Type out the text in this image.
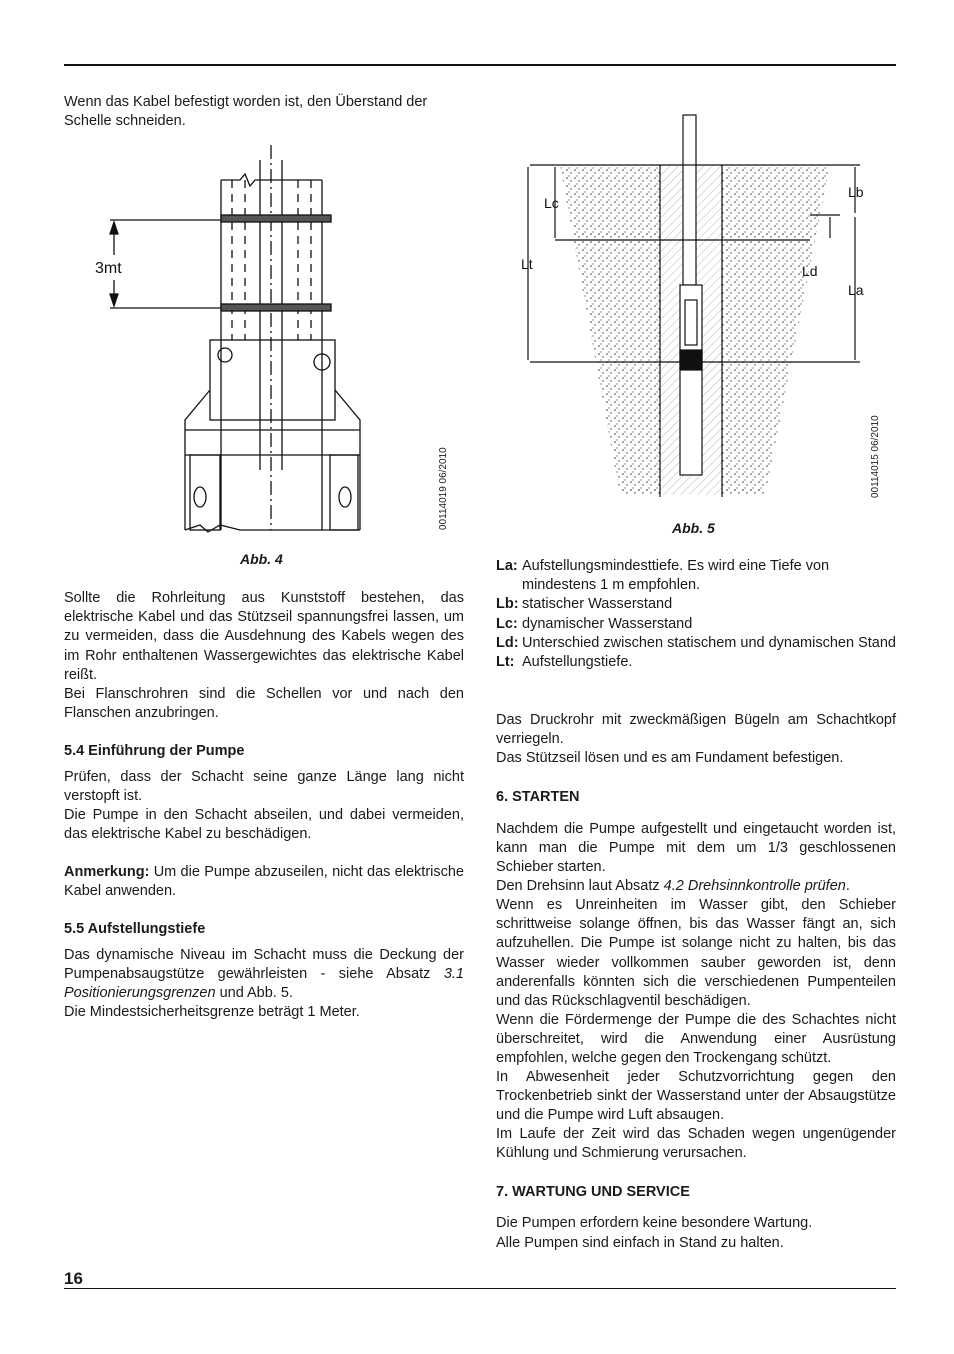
Wenn das Kabel befestigt worden ist, den Überstand der Schelle schneiden.
3mt
00114019 06/2010
Abb. 4
Sollte die Rohrleitung aus Kunststoff bestehen, das elektrische Kabel und das Stützseil spannungsfrei lassen, um zu vermeiden, dass die Ausdehnung des Kabels wegen des im Rohr enthaltenen Wassergewichtes das elektrische Kabel reißt.
Bei Flanschrohren sind die Schellen vor und nach den Flanschen anzubringen.
5.4 Einführung der Pumpe
Prüfen, dass der Schacht seine ganze Länge lang nicht verstopft ist.
Die Pumpe in den Schacht abseilen, und dabei vermeiden, das elektrische Kabel zu beschädigen.
Anmerkung: Um die Pumpe abzuseilen, nicht das elektrische Kabel anwenden.
5.5 Aufstellungstiefe
Das dynamische Niveau im Schacht muss die Deckung der Pumpenabsaugstütze gewährleisten - siehe Absatz 3.1 Positionierungsgrenzen und Abb. 5.
Die Mindestsicherheitsgrenze beträgt 1 Meter.
Lc
Lt
Lb
Ld
La
00114015 06/2010
Abb. 5
La: Aufstellungsmindesttiefe. Es wird eine Tiefe von mindestens 1 m empfohlen.
Lb: statischer Wasserstand
Lc: dynamischer Wasserstand
Ld: Unterschied zwischen statischem und dynamischen Stand
Lt: Aufstellungstiefe.
Das Druckrohr mit zweckmäßigen Bügeln am Schachtkopf verriegeln.
Das Stützseil lösen und es am Fundament befestigen.
6. STARTEN
Nachdem die Pumpe aufgestellt und eingetaucht worden ist, kann man die Pumpe mit dem um 1/3 geschlossenen Schieber starten.
Den Drehsinn laut Absatz 4.2 Drehsinnkontrolle prüfen.
Wenn es Unreinheiten im Wasser gibt, den Schieber schrittweise solange öffnen, bis das Wasser fängt an, sich aufzuhellen. Die Pumpe ist solange nicht zu halten, bis das Wasser wieder vollkommen sauber geworden ist, denn anderenfalls könnten sich die verschiedenen Pumpenteilen und das Rückschlagventil beschädigen.
Wenn die Fördermenge der Pumpe die des Schachtes nicht überschreitet, wird die Anwendung einer Ausrüstung empfohlen, welche gegen den Trockengang schützt.
In Abwesenheit jeder Schutzvorrichtung gegen den Trockenbetrieb sinkt der Wasserstand unter der Absaugstütze und die Pumpe wird Luft absaugen.
Im Laufe der Zeit wird das Schaden wegen ungenügender Kühlung und Schmierung verursachen.
7. WARTUNG UND SERVICE
Die Pumpen erfordern keine besondere Wartung.
Alle Pumpen sind einfach in Stand zu halten.
16
